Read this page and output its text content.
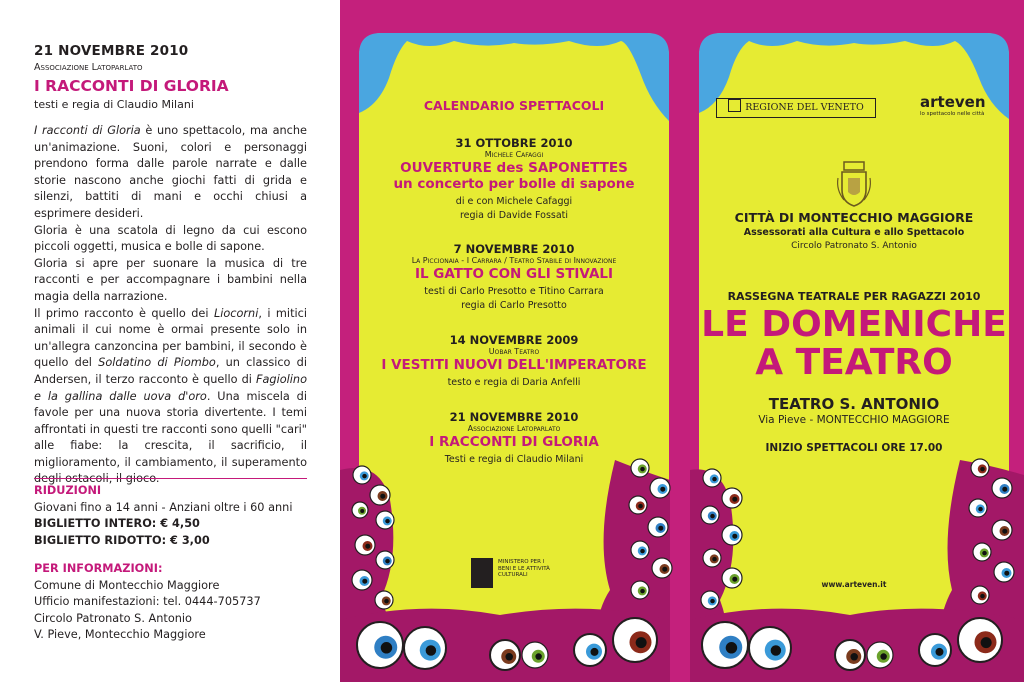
21 NOVEMBRE 2010
Associazione Latoparlato
I RACCONTI DI GLORIA
testi e regia di Claudio Milani

I racconti di Gloria è uno spettacolo, ma anche un'animazione. Suoni, colori e personaggi prendono forma dalle parole narrate e dalle storie nascono anche giochi fatti di grida e silenzi, battiti di mani e occhi chiusi a esprimere desideri.

Gloria è una scatola di legno da cui escono piccoli oggetti, musica e bolle di sapone.

Gloria si apre per suonare la musica di tre racconti e per accompagnare i bambini nella magia della narrazione.

Il primo racconto è quello dei Liocorni, i mitici animali il cui nome è ormai presente solo in un'allegra canzoncina per bambini, il secondo è quello del Soldatino di Piombo, un classico di Andersen, il terzo racconto è quello di Fagiolino e la gallina dalle uova d'oro. Una miscela di favole per una nuova storia divertente. I temi affrontati in questi tre racconti sono quelli "cari" alle fiabe: la crescita, il sacrificio, il miglioramento, il cambiamento, il superamento degli ostacoli, il gioco.

RIDUZIONI
Giovani fino a 14 anni - Anziani oltre i 60 anni
BIGLIETTO INTERO: € 4,50
BIGLIETTO RIDOTTO: € 3,00
PER INFORMAZIONI:
Comune di Montecchio Maggiore
Ufficio manifestazioni: tel. 0444-705737
Circolo Patronato S. Antonio
V. Pieve, Montecchio Maggiore
CALENDARIO SPETTACOLI
31 OTTOBRE 2010
Michele Cafaggi
OUVERTURE des SAPONETTES
un concerto per bolle di sapone
di e con Michele Cafaggi
regia di Davide Fossati
7 NOVEMBRE 2010
La Piccionaia - I Carrara / Teatro Stabile di Innovazione
IL GATTO CON GLI STIVALI
testi di Carlo Presotto e Titino Carrara
regia di Carlo Presotto
14 NOVEMBRE 2009
Uobar Teatro
I VESTITI NUOVI DELL'IMPERATORE
testo e regia di Daria Anfelli
21 NOVEMBRE 2010
Associazione Latoparlato
I RACCONTI DI GLORIA
Testi e regia di Claudio Milani
MINISTERO PER I BENI E LE ATTIVITÀ CULTURALI
REGIONE DEL VENETO	arteven
lo spettacolo nelle città
CITTÀ DI MONTECCHIO MAGGIORE
Assessorati alla Cultura e allo Spettacolo
Circolo Patronato S. Antonio
RASSEGNA TEATRALE PER RAGAZZI 2010
LE DOMENICHE
A TEATRO
TEATRO S. ANTONIO
Via Pieve - MONTECCHIO MAGGIORE
INIZIO SPETTACOLI ORE 17.00
www.arteven.it
